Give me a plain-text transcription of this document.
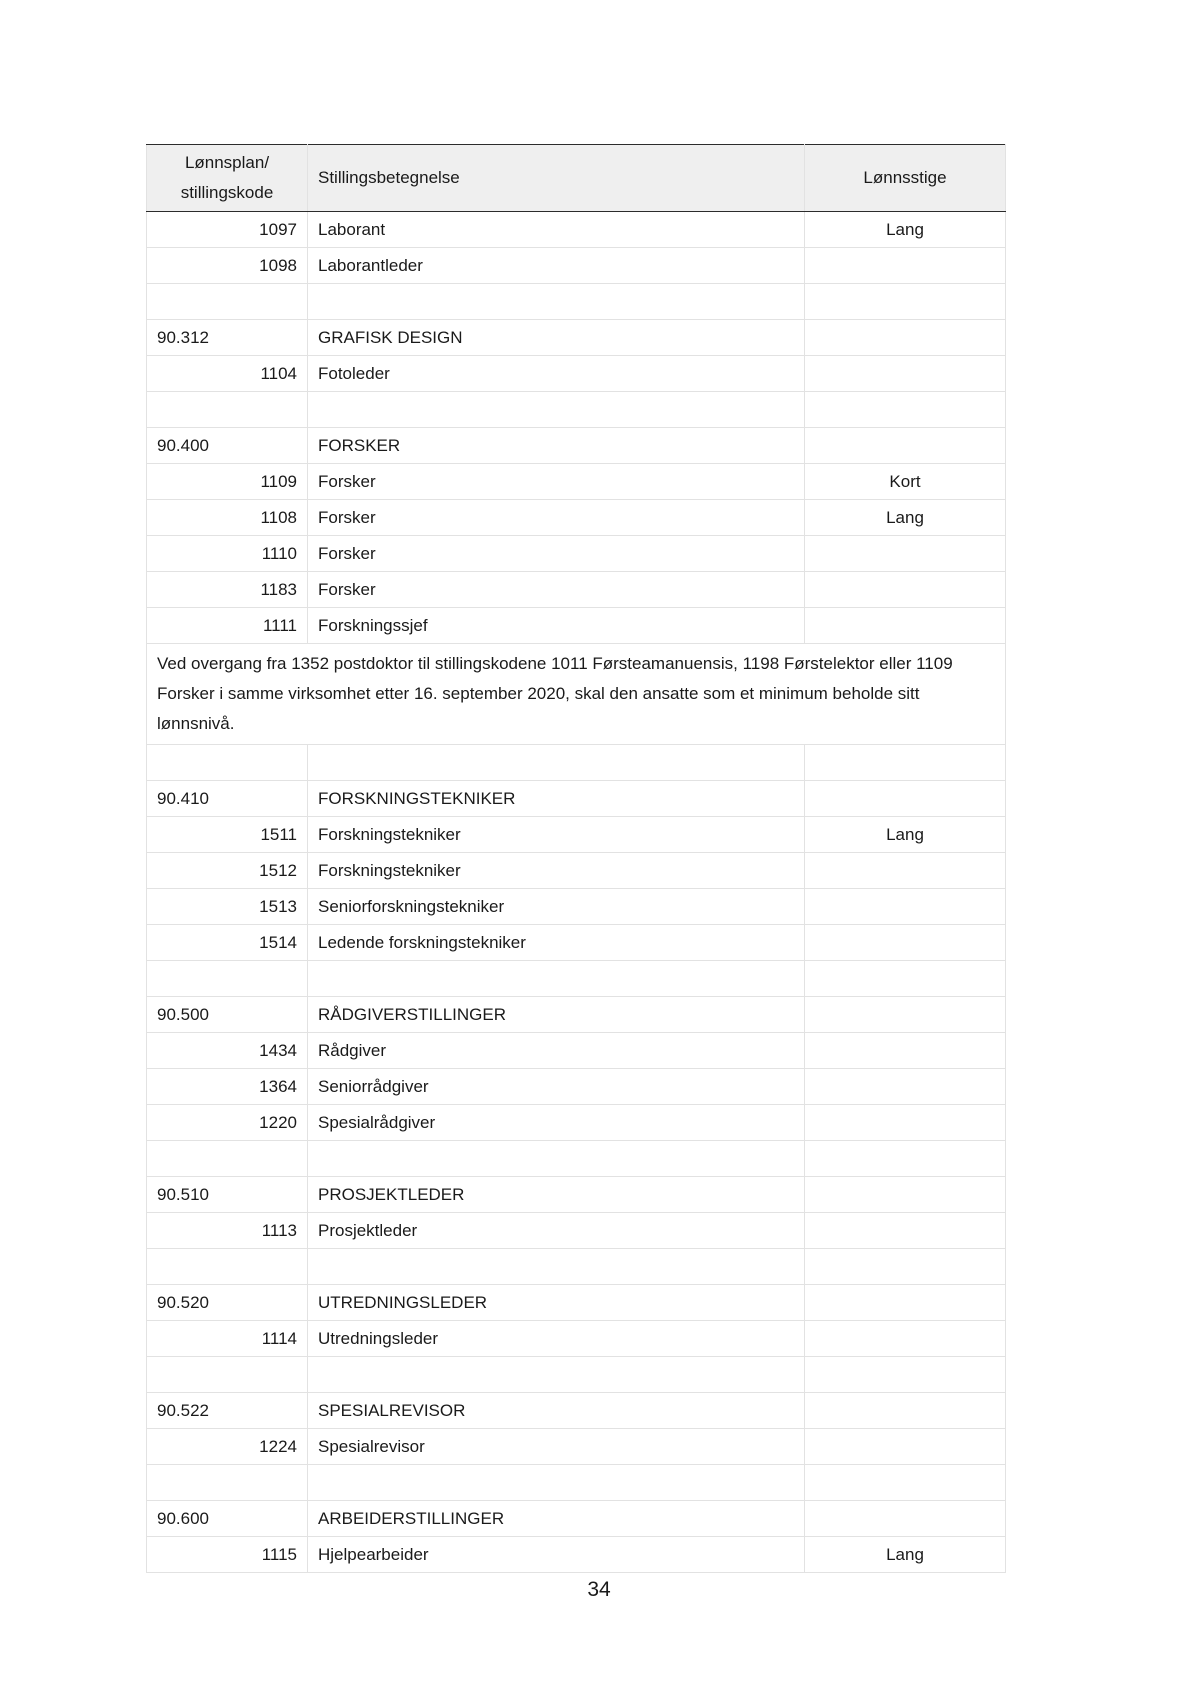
Lønnsplan/
stillingskode	Stillingsbetegnelse	Lønnsstige
1097	Laborant	Lang
1098	Laborantleder	

90.312	GRAFISK DESIGN	
1104	Fotoleder	

90.400	FORSKER	
1109	Forsker	Kort
1108	Forsker	Lang
1110	Forsker	
1183	Forsker	
1111	Forskningssjef	
Ved overgang fra 1352 postdoktor til stillingskodene 1011 Førsteamanuensis, 1198 Førstelektor eller 1109 Forsker i samme virksomhet etter 16. september 2020, skal den ansatte som et minimum beholde sitt lønnsnivå.		

90.410	FORSKNINGSTEKNIKER	
1511	Forskningstekniker	Lang
1512	Forskningstekniker	
1513	Seniorforskningstekniker	
1514	Ledende forskningstekniker	

90.500	RÅDGIVERSTILLINGER	
1434	Rådgiver	
1364	Seniorrådgiver	
1220	Spesialrådgiver	

90.510	PROSJEKTLEDER	
1113	Prosjektleder	

90.520	UTREDNINGSLEDER	
1114	Utredningsleder	

90.522	SPESIALREVISOR	
1224	Spesialrevisor	

90.600	ARBEIDERSTILLINGER	
1115	Hjelpearbeider	Lang
34
